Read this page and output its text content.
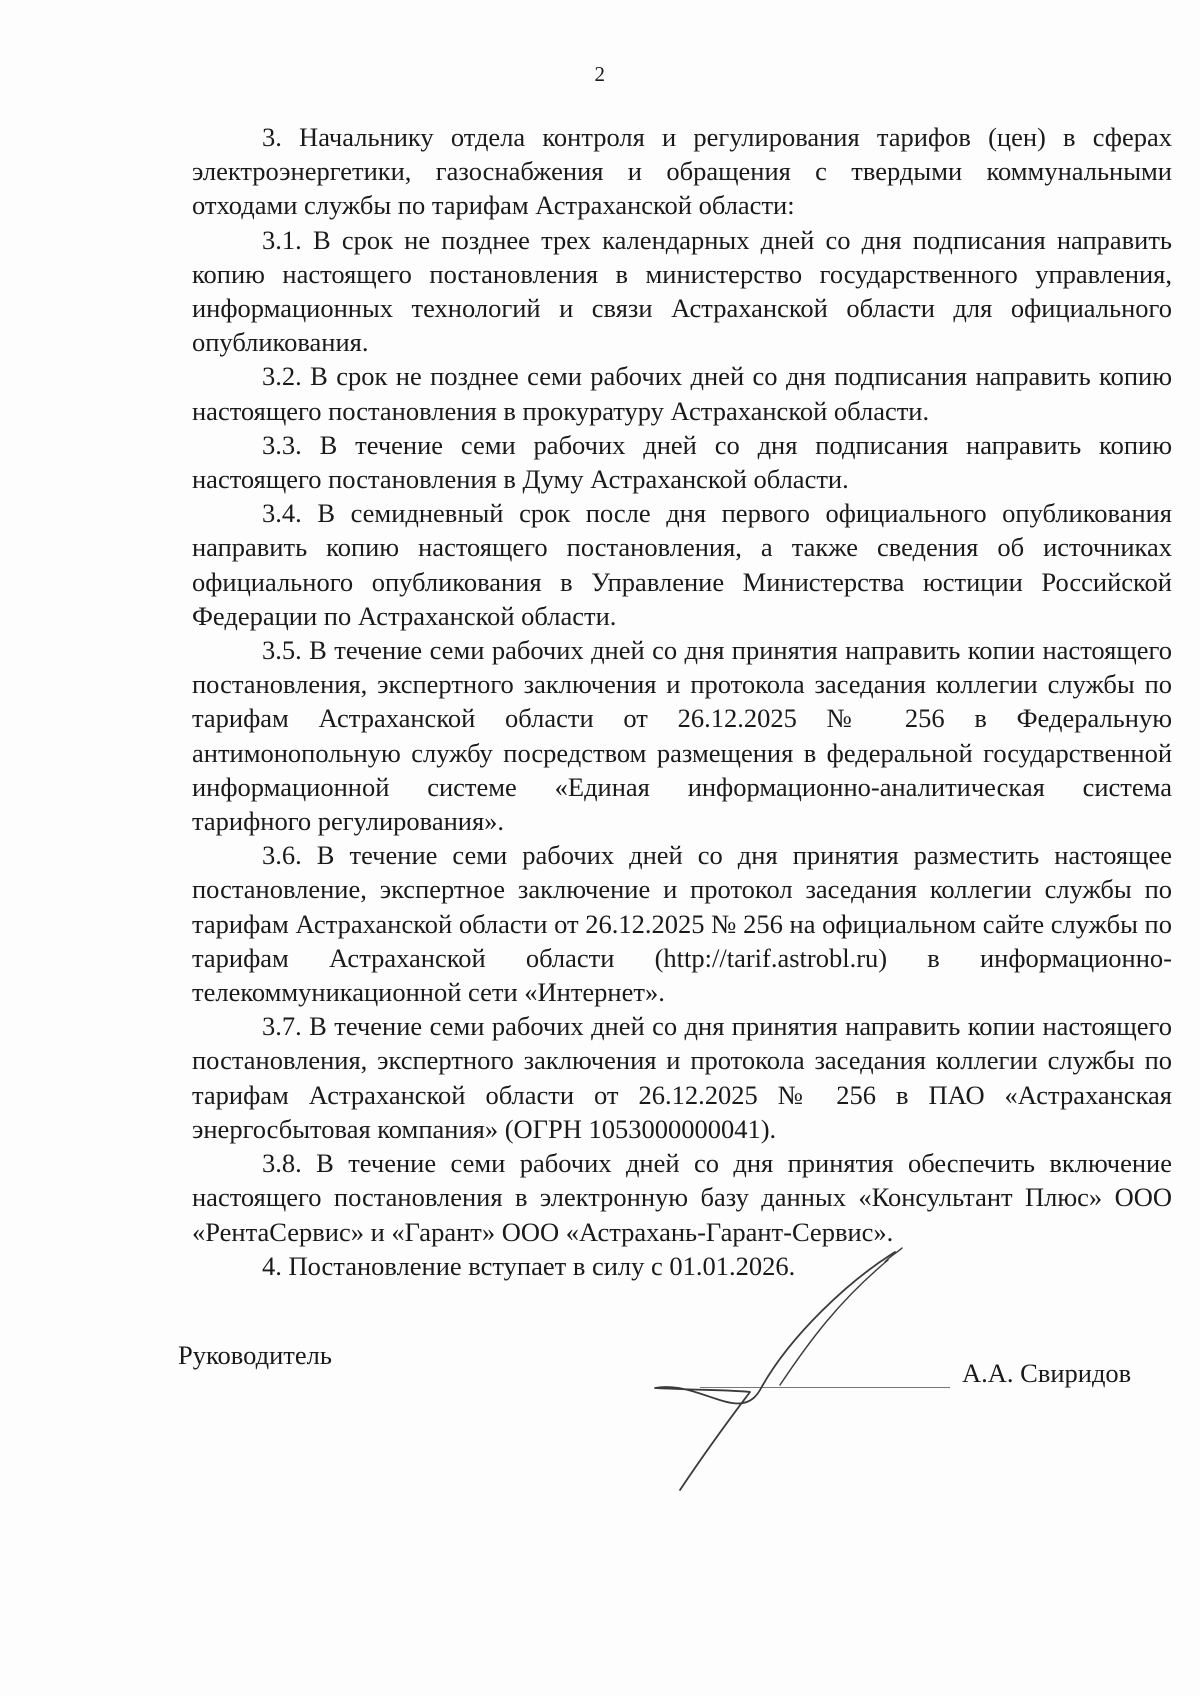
2

3. Начальнику отдела контроля и регулирования тарифов (цен) в сферах электроэнергетики, газоснабжения и обращения с твердыми коммунальными отходами службы по тарифам Астраханской области:

3.1. В срок не позднее трех календарных дней со дня подписания направить копию настоящего постановления в министерство государственного управления, информационных технологий и связи Астраханской области для официального опубликования.

3.2. В срок не позднее семи рабочих дней со дня подписания направить копию настоящего постановления в прокуратуру Астраханской области.

3.3. В течение семи рабочих дней со дня подписания направить копию настоящего постановления в Думу Астраханской области.

3.4. В семидневный срок после дня первого официального опубликования направить копию настоящего постановления, а также сведения об источниках официального опубликования в Управление Министерства юстиции Российской Федерации по Астраханской области.

3.5. В течение семи рабочих дней со дня принятия направить копии настоящего постановления, экспертного заключения и протокола заседания коллегии службы по тарифам Астраханской области от 26.12.2025 № 256 в Федеральную антимонопольную службу посредством размещения в федеральной государственной информационной системе «Единая информационно-аналитическая система тарифного регулирования».

3.6. В течение семи рабочих дней со дня принятия разместить настоящее постановление, экспертное заключение и протокол заседания коллегии службы по тарифам Астраханской области от 26.12.2025 № 256 на официальном сайте службы по тарифам Астраханской области (http://tarif.astrobl.ru) в информационно-телекоммуникационной сети «Интернет».

3.7. В течение семи рабочих дней со дня принятия направить копии настоящего постановления, экспертного заключения и протокола заседания коллегии службы по тарифам Астраханской области от 26.12.2025 № 256 в ПАО «Астраханская энергосбытовая компания» (ОГРН 1053000000041).

3.8. В течение семи рабочих дней со дня принятия обеспечить включение настоящего постановления в электронную базу данных «Консультант Плюс» ООО «РентаСервис» и «Гарант» ООО «Астрахань-Гарант-Сервис».

4. Постановление вступает в силу с 01.01.2026.

Руководитель
А.А. Свиридов
